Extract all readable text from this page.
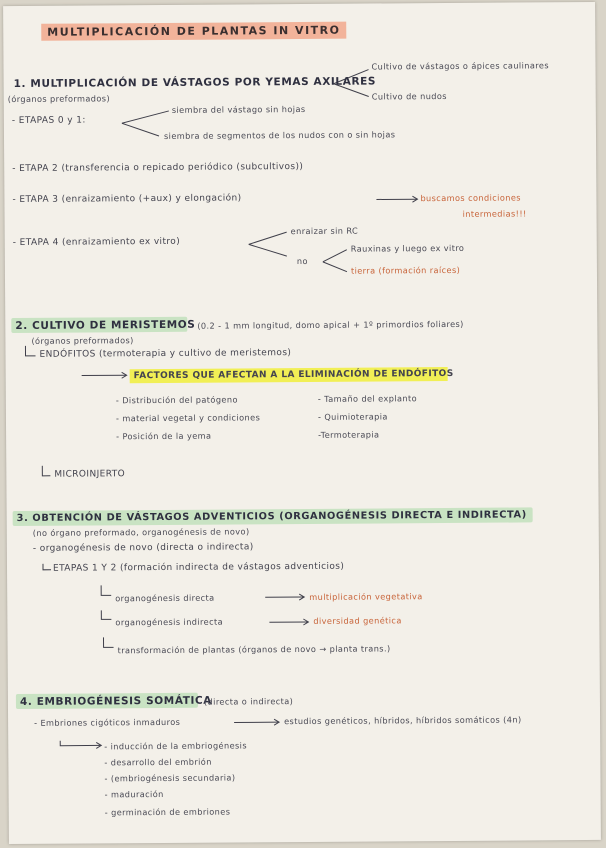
MULTIPLICACIÓN DE PLANTAS IN VITRO
1. MULTIPLICACIÓN DE VÁSTAGOS POR YEMAS AXILARES
(órganos preformados)
Cultivo de vástagos o ápices caulinares
Cultivo de nudos
- ETAPAS 0 y 1:
siembra del vástago sin hojas
siembra de segmentos de los nudos con o sin hojas
- ETAPA 2 (transferencia o repicado periódico (subcultivos))
- ETAPA 3 (enraizamiento (+aux) y elongación)	buscamos condiciones
intermedias!!!
- ETAPA 4 (enraizamiento ex vitro)
enraizar sin RC
no
Rauxinas y luego ex vitro
tierra (formación raíces)
2. CULTIVO DE MERISTEMOS (0.2 - 1 mm longitud, domo apical + 1º primordios foliares)
(órganos preformados)
ENDÓFITOS (termoterapia y cultivo de meristemos)
FACTORES QUE AFECTAN A LA ELIMINACIÓN DE ENDÓFITOS
- Distribución del patógeno
- material vegetal y condiciones
- Posición de la yema
- Tamaño del explanto
- Quimioterapia
-Termoterapia
MICROINJERTO
3. OBTENCIÓN DE VÁSTAGOS ADVENTICIOS (ORGANOGÉNESIS DIRECTA E INDIRECTA)
(no órgano preformado, organogénesis de novo)
- organogénesis de novo (directa o indirecta)
ETAPAS 1 Y 2 (formación indirecta de vástagos adventicios)
organogénesis directa	multiplicación vegetativa
organogénesis indirecta	diversidad genética
transformación de plantas (órganos de novo → planta trans.)
4. EMBRIOGÉNESIS SOMÁTICA
(directa o indirecta)
- Embriones cigóticos inmaduros	estudios genéticos, híbridos, híbridos somáticos (4n)
- inducción de la embriogénesis
- desarrollo del embrión
- (embriogénesis secundaria)
- maduración
- germinación de embriones
